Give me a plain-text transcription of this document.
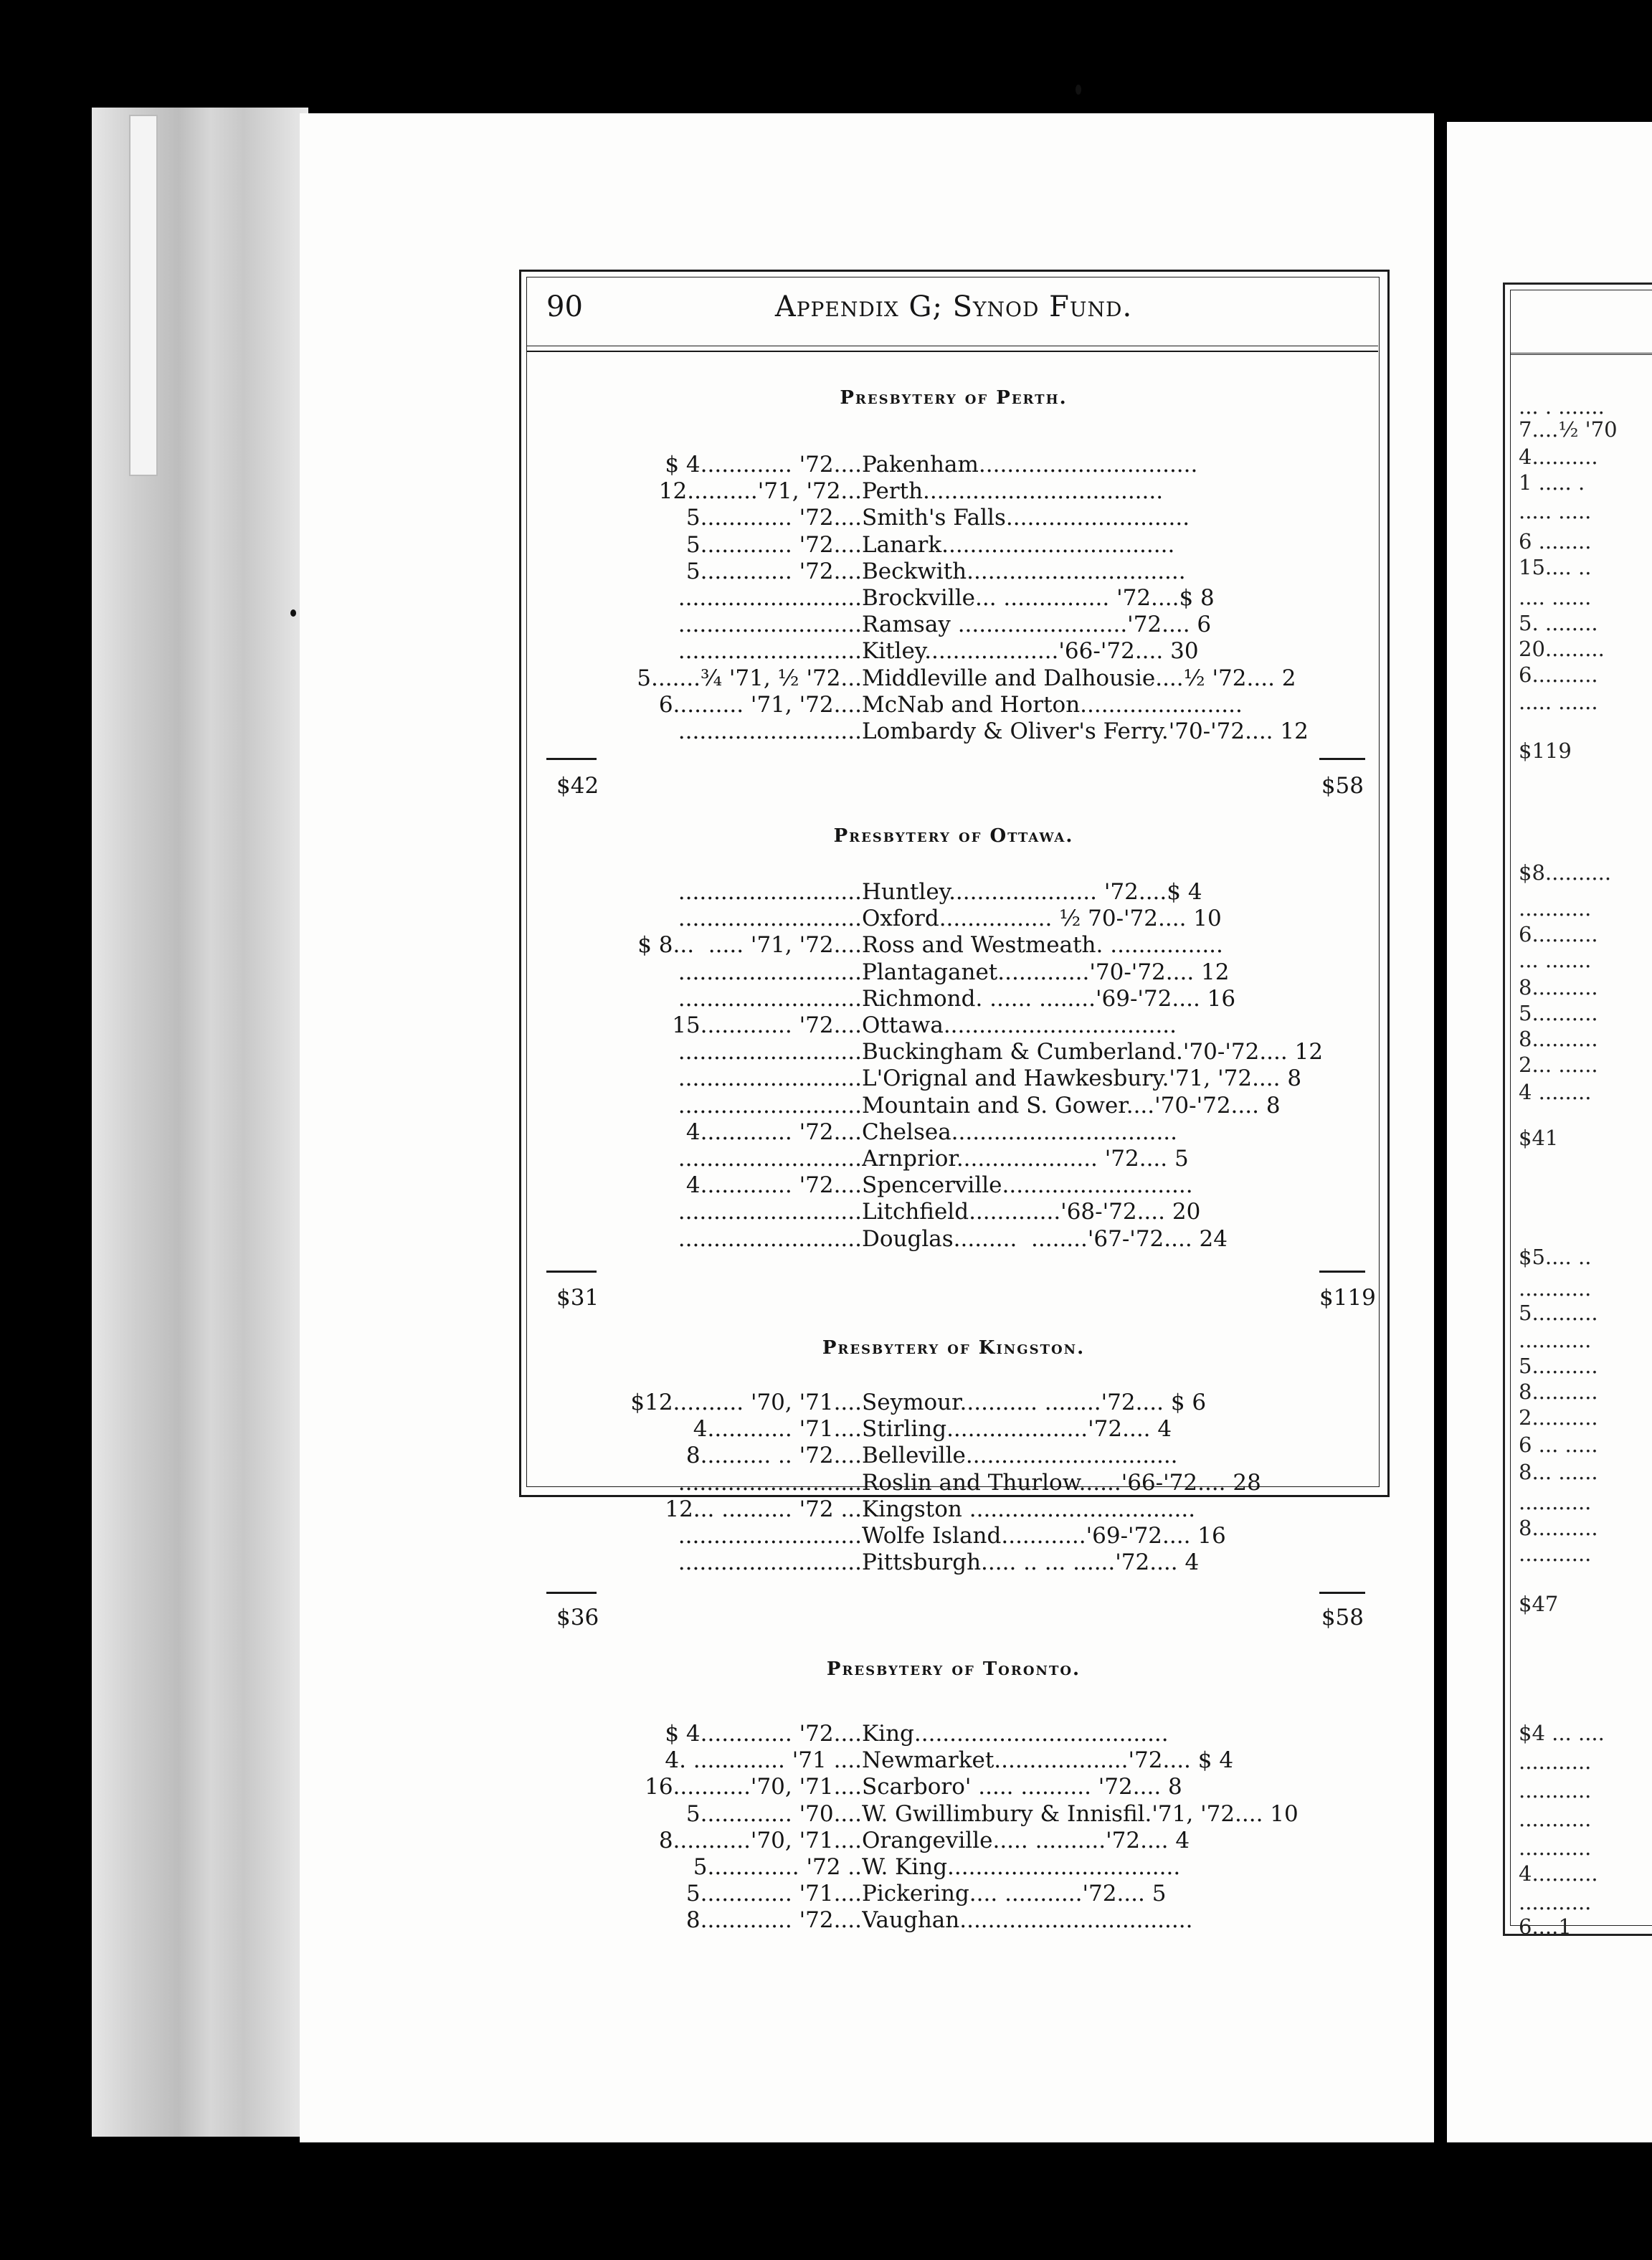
... . .......
7....½ '70
4..........
1 ..... .
..... .....
6 ........
15.... ..
.... ......
5. ........
20.........
6..........
..... ......
$119
$8..........
...........
6..........
... .......
8..........
5..........
8..........
2... ......
4 ........
$41
$5.... ..
...........
5..........
...........
5..........
8..........
2..........
6 ... .....
8... ......
...........
8..........
...........
$47
$4 ... ....
...........
...........
...........
...........
4..........
...........
6....1
90	Appendix G; Synod Fund.
Presbytery of Perth.
$ 4............. '72.... Pakenham...............................
12..........'71, '72... Perth..................................
5............. '72.... Smith's Falls..........................
5............. '72.... Lanark.................................
5............. '72.... Beckwith...............................
.......................... Brockville... ............... '72....$ 8
.......................... Ramsay ........................'72.... 6
.......................... Kitley...................'66-'72.... 30
5.......¾ '71, ½ '72... Middleville and Dalhousie....½ '72.... 2
6.......... '71, '72.... McNab and Horton.......................
.......................... Lombardy & Oliver's Ferry.'70-'72.... 12
$42	$58
Presbytery of Ottawa.
.......................... Huntley..................... '72....$ 4
.......................... Oxford................ ½ 70-'72.... 10
$ 8...  ..... '71, '72.... Ross and Westmeath. ................
.......................... Plantaganet.............'70-'72.... 12
.......................... Richmond. ...... ........'69-'72.... 16
15............. '72.... Ottawa.................................
.......................... Buckingham & Cumberland.'70-'72.... 12
.......................... L'Orignal and Hawkesbury.'71, '72.... 8
.......................... Mountain and S. Gower....'70-'72.... 8
4............. '72.... Chelsea................................
.......................... Arnprior.................... '72.... 5
4............. '72.... Spencerville...........................
.......................... Litchfield.............'68-'72.... 20
.......................... Douglas.........  ........'67-'72.... 24
$31	$119
Presbytery of Kingston.
$12.......... '70, '71.... Seymour........... ........'72.... $ 6
4............ '71.... Stirling....................'72.... 4
8.......... .. '72.... Belleville..............................
.......................... Roslin and Thurlow......'66-'72.... 28
12... .......... '72 ... Kingston ................................
.......................... Wolfe Island............'69-'72.... 16
.......................... Pittsburgh..... .. ... ......'72.... 4
$36	$58
Presbytery of Toronto.
$ 4............. '72.... King....................................
4. ............. '71 .... Newmarket...................'72.... $ 4
16...........'70, '71.... Scarboro' ..... .......... '72.... 8
5............. '70.... W. Gwillimbury & Innisfil.'71, '72.... 10
8...........'70, '71.... Orangeville..... ..........'72.... 4
5............. '72 .. W. King.................................
5............. '71.... Pickering.... ...........'72.... 5
8............. '72.... Vaughan.................................
